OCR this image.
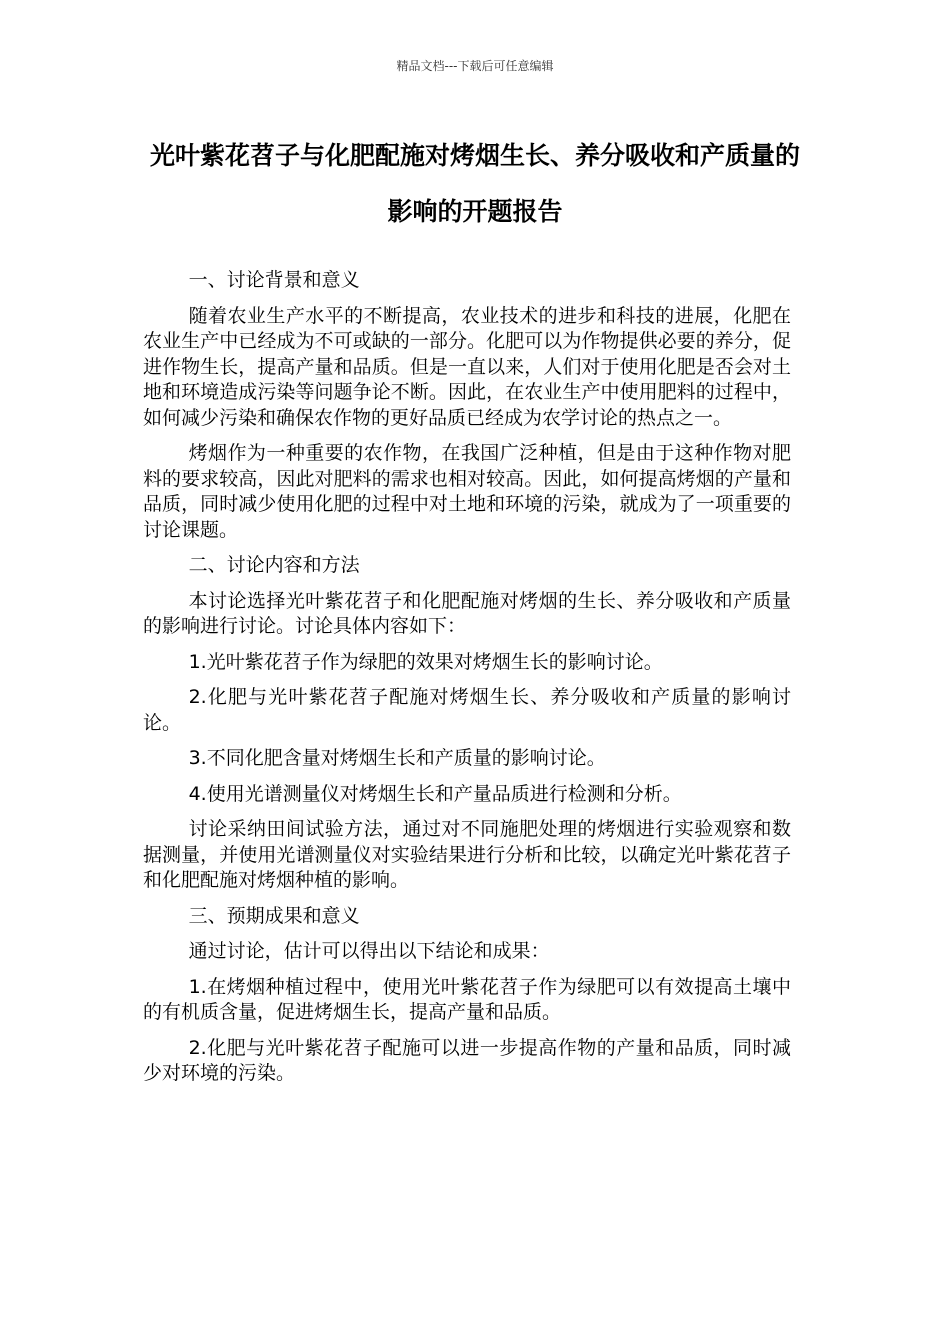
精品文档---下载后可任意编辑
光叶紫花苕子与化肥配施对烤烟生长、养分吸收和产质量的影响的开题报告

一、讨论背景和意义

随着农业生产水平的不断提高，农业技术的进步和科技的进展，化肥在农业生产中已经成为不可或缺的一部分。化肥可以为作物提供必要的养分，促进作物生长，提高产量和品质。但是一直以来，人们对于使用化肥是否会对土地和环境造成污染等问题争论不断。因此，在农业生产中使用肥料的过程中，如何减少污染和确保农作物的更好品质已经成为农学讨论的热点之一。

烤烟作为一种重要的农作物，在我国广泛种植，但是由于这种作物对肥料的要求较高，因此对肥料的需求也相对较高。因此，如何提高烤烟的产量和品质，同时减少使用化肥的过程中对土地和环境的污染，就成为了一项重要的讨论课题。

二、讨论内容和方法

本讨论选择光叶紫花苕子和化肥配施对烤烟的生长、养分吸收和产质量的影响进行讨论。讨论具体内容如下：

1.光叶紫花苕子作为绿肥的效果对烤烟生长的影响讨论。

2.化肥与光叶紫花苕子配施对烤烟生长、养分吸收和产质量的影响讨论。

3.不同化肥含量对烤烟生长和产质量的影响讨论。

4.使用光谱测量仪对烤烟生长和产量品质进行检测和分析。

讨论采纳田间试验方法，通过对不同施肥处理的烤烟进行实验观察和数据测量，并使用光谱测量仪对实验结果进行分析和比较，以确定光叶紫花苕子和化肥配施对烤烟种植的影响。

三、预期成果和意义

通过讨论，估计可以得出以下结论和成果：

1.在烤烟种植过程中，使用光叶紫花苕子作为绿肥可以有效提高土壤中的有机质含量，促进烤烟生长，提高产量和品质。

2.化肥与光叶紫花苕子配施可以进一步提高作物的产量和品质，同时减少对环境的污染。
